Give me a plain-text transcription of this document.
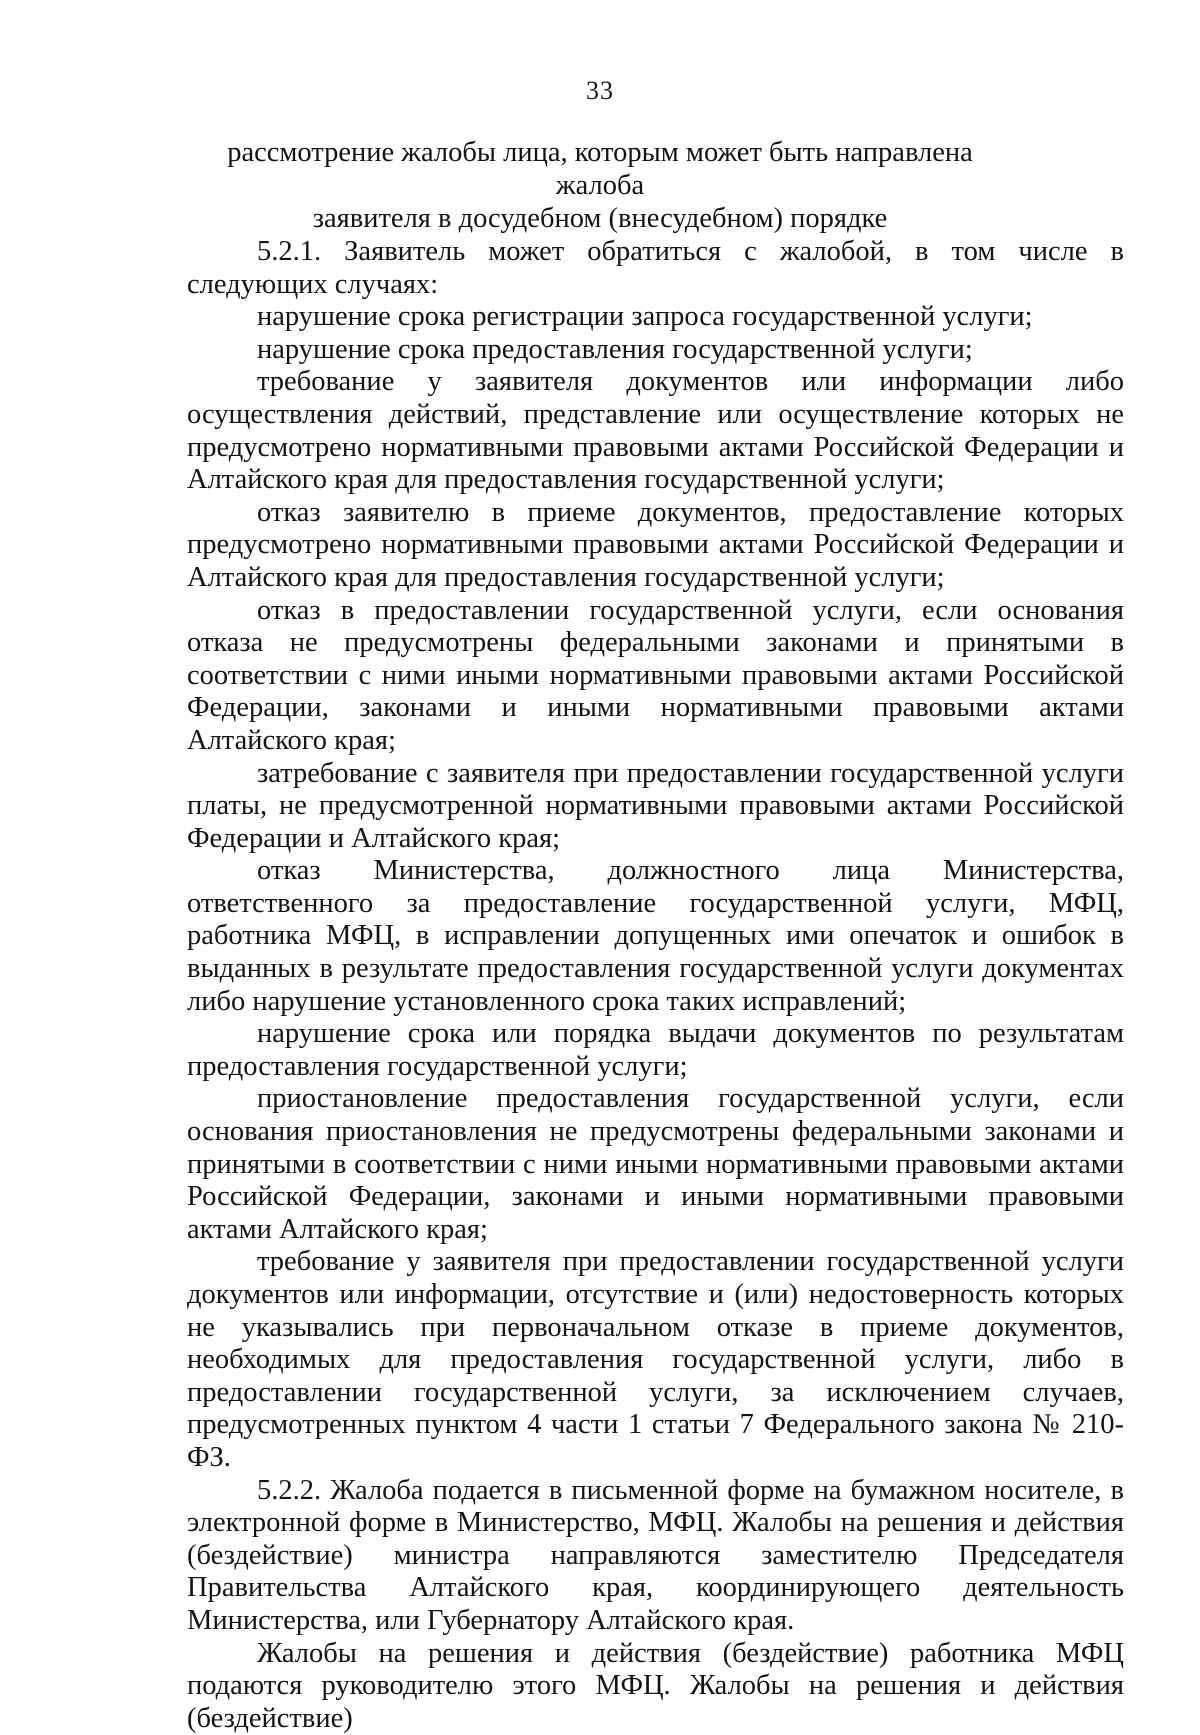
33
рассмотрение жалобы лица, которым может быть направлена жалоба
заявителя в досудебном (внесудебном) порядке

5.2.1. Заявитель может обратиться с жалобой, в том числе в следующих случаях:

нарушение срока регистрации запроса государственной услуги;

нарушение срока предоставления государственной услуги;

требование у заявителя документов или информации либо осуществления действий, представление или осуществление которых не предусмотрено нормативными правовыми актами Российской Федерации и Алтайского края для предоставления государственной услуги;

отказ заявителю в приеме документов, предоставление которых предусмотрено нормативными правовыми актами Российской Федерации и Алтайского края для предоставления государственной услуги;

отказ в предоставлении государственной услуги, если основания отказа не предусмотрены федеральными законами и принятыми в соответствии с ними иными нормативными правовыми актами Российской Федерации, законами и иными нормативными правовыми актами Алтайского края;

затребование с заявителя при предоставлении государственной услуги платы, не предусмотренной нормативными правовыми актами Российской Федерации и Алтайского края;

отказ Министерства, должностного лица Министерства, ответственного за предоставление государственной услуги, МФЦ, работника МФЦ, в исправлении допущенных ими опечаток и ошибок в выданных в результате предоставления государственной услуги документах либо нарушение установленного срока таких исправлений;

нарушение срока или порядка выдачи документов по результатам предоставления государственной услуги;

приостановление предоставления государственной услуги, если основания приостановления не предусмотрены федеральными законами и принятыми в соответствии с ними иными нормативными правовыми актами Российской Федерации, законами и иными нормативными правовыми актами Алтайского края;

требование у заявителя при предоставлении государственной услуги документов или информации, отсутствие и (или) недостоверность которых не указывались при первоначальном отказе в приеме документов, необходимых для предоставления государственной услуги, либо в предоставлении государственной услуги, за исключением случаев, предусмотренных пунктом 4 части 1 статьи 7 Федерального закона № 210-ФЗ.

5.2.2. Жалоба подается в письменной форме на бумажном носителе, в электронной форме в Министерство, МФЦ. Жалобы на решения и действия (бездействие) министра направляются заместителю Председателя Правительства Алтайского края, координирующего деятельность Министерства, или Губернатору Алтайского края.

Жалобы на решения и действия (бездействие) работника МФЦ подаются руководителю этого МФЦ. Жалобы на решения и действия (бездействие)
